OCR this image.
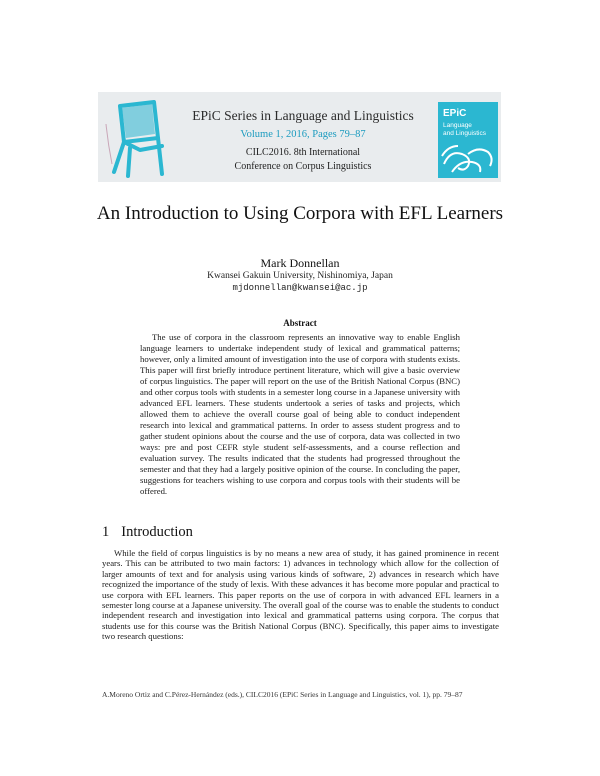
EPiC Series in Language and Linguistics
Volume 1, 2016, Pages 79–87
CILC2016. 8th International
Conference on Corpus Linguistics
EPiC
Language
and Linguistics
An Introduction to Using Corpora with EFL Learners
Mark Donnellan
Kwansei Gakuin University, Nishinomiya, Japan
mjdonnellan@kwansei@ac.jp
Abstract
The use of corpora in the classroom represents an innovative way to enable English language learners to undertake independent study of lexical and grammatical patterns; however, only a limited amount of investigation into the use of corpora with students exists. This paper will first briefly introduce pertinent literature, which will give a basic overview of corpus linguistics. The paper will report on the use of the British National Corpus (BNC) and other corpus tools with students in a semester long course in a Japanese university with advanced EFL learners. These students undertook a series of tasks and projects, which allowed them to achieve the overall course goal of being able to conduct independent research into lexical and grammatical patterns. In order to assess student progress and to gather student opinions about the course and the use of corpora, data was collected in two ways: pre and post CEFR style student self-assessments, and a course reflection and evaluation survey. The results indicated that the students had progressed throughout the semester and that they had a largely positive opinion of the course. In concluding the paper, suggestions for teachers wishing to use corpora and corpus tools with their students will be offered.
1 Introduction
While the field of corpus linguistics is by no means a new area of study, it has gained prominence in recent years. This can be attributed to two main factors: 1) advances in technology which allow for the collection of larger amounts of text and for analysis using various kinds of software, 2) advances in research which have recognized the importance of the study of lexis. With these advances it has become more popular and practical to use corpora with EFL learners. This paper reports on the use of corpora in with advanced EFL learners in a semester long course at a Japanese university. The overall goal of the course was to enable the students to conduct independent research and investigation into lexical and grammatical patterns using corpora. The corpus that students use for this course was the British National Corpus (BNC). Specifically, this paper aims to investigate two research questions:
A.Moreno Ortiz and C.Pérez-Hernández (eds.), CILC2016 (EPiC Series in Language and Linguistics, vol. 1), pp. 79–87
